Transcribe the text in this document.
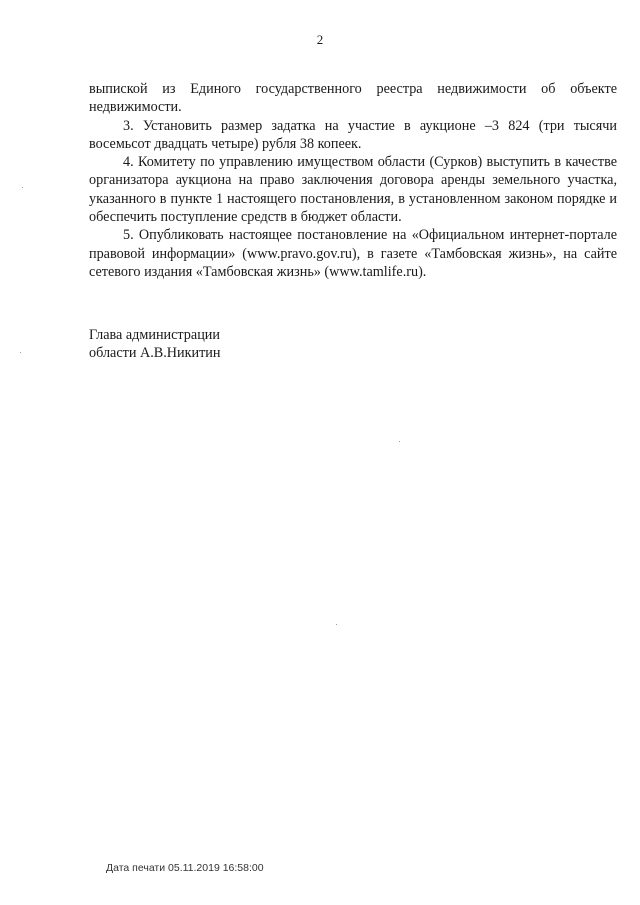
2

выпиской из Единого государственного реестра недвижимости об объекте недвижимости.

3. Установить размер задатка на участие в аукционе –3 824 (три тысячи восемьсот двадцать четыре) рубля 38 копеек.

4. Комитету по управлению имуществом области (Сурков) выступить в качестве организатора аукциона на право заключения договора аренды земельного участка, указанного в пункте 1 настоящего постановления, в установленном законом порядке и обеспечить поступление средств в бюджет области.

5. Опубликовать настоящее постановление на «Официальном интернет-портале правовой информации» (www.pravo.gov.ru), в газете «Тамбовская жизнь», на сайте сетевого издания «Тамбовская жизнь» (www.tamlife.ru).

Глава администрации
области А.В.Никитин
Дата печати 05.11.2019 16:58:00
